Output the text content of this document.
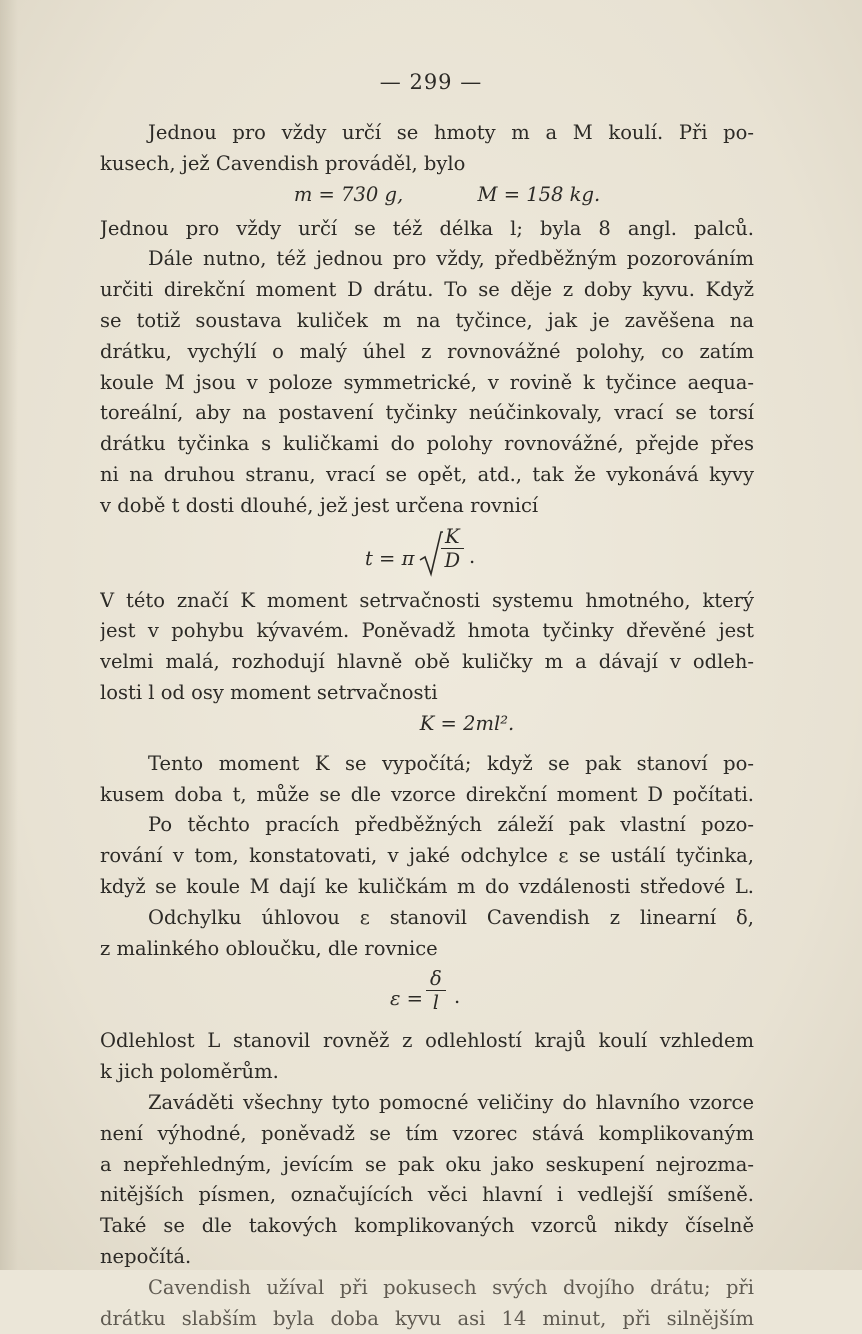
— 299 —
Jednou pro vždy určí se hmoty m a M koulí. Při po-
kusech, jež Cavendish prováděl, bylo
m = 730 g,            M = 158 kg.
Jednou pro vždy určí se též délka l; byla 8 angl. palců.
Dále nutno, též jednou pro vždy, předběžným pozorováním
určiti direkční moment D drátu. To se děje z doby kyvu. Když
se totiž soustava kuliček m na tyčince, jak je zavěšena na
drátku, vychýlí o malý úhel z rovnovážné polohy, co zatím
koule M jsou v poloze symmetrické, v rovině k tyčince aequa-
toreální, aby na postavení tyčinky neúčinkovaly, vrací se torsí
drátku tyčinka s kuličkami do polohy rovnovážné, přejde přes
ni na druhou stranu, vrací se opět, atd., tak že vykonává kyvy
v době t dosti dlouhé, jež jest určena rovnicí
t = π $\frac{K}{D}$ .
V této značí K moment setrvačnosti systemu hmotného, který
jest v pohybu kývavém. Poněvadž hmota tyčinky dřevěné jest
velmi malá, rozhodují hlavně obě kuličky m a dávají v odleh-
losti l od osy moment setrvačnosti
K = 2ml².
Tento moment K se vypočítá; když se pak stanoví po-
kusem doba t, může se dle vzorce direkční moment D počítati.
Po těchto pracích předběžných záleží pak vlastní pozo-
rování v tom, konstatovati, v jaké odchylce ε se ustálí tyčinka,
když se koule M dají ke kuličkám m do vzdálenosti středové L.
Odchylku úhlovou ε stanovil Cavendish z linearní δ,
z malinkého obloučku, dle rovnice
$\varepsilon = \frac{\delta}{l}$ .
Odlehlost L stanovil rovněž z odlehlostí krajů koulí vzhledem
k jich poloměrům.
Zaváděti všechny tyto pomocné veličiny do hlavního vzorce
není výhodné, poněvadž se tím vzorec stává komplikovaným
a nepřehledným, jevícím se pak oku jako seskupení nejrozma-
nitějších písmen, označujících věci hlavní i vedlejší smíšeně.
Také se dle takových komplikovaných vzorců nikdy číselně
nepočítá.
Cavendish užíval při pokusech svých dvojího drátu; při
drátku slabším byla doba kyvu asi 14 minut, při silnějším
